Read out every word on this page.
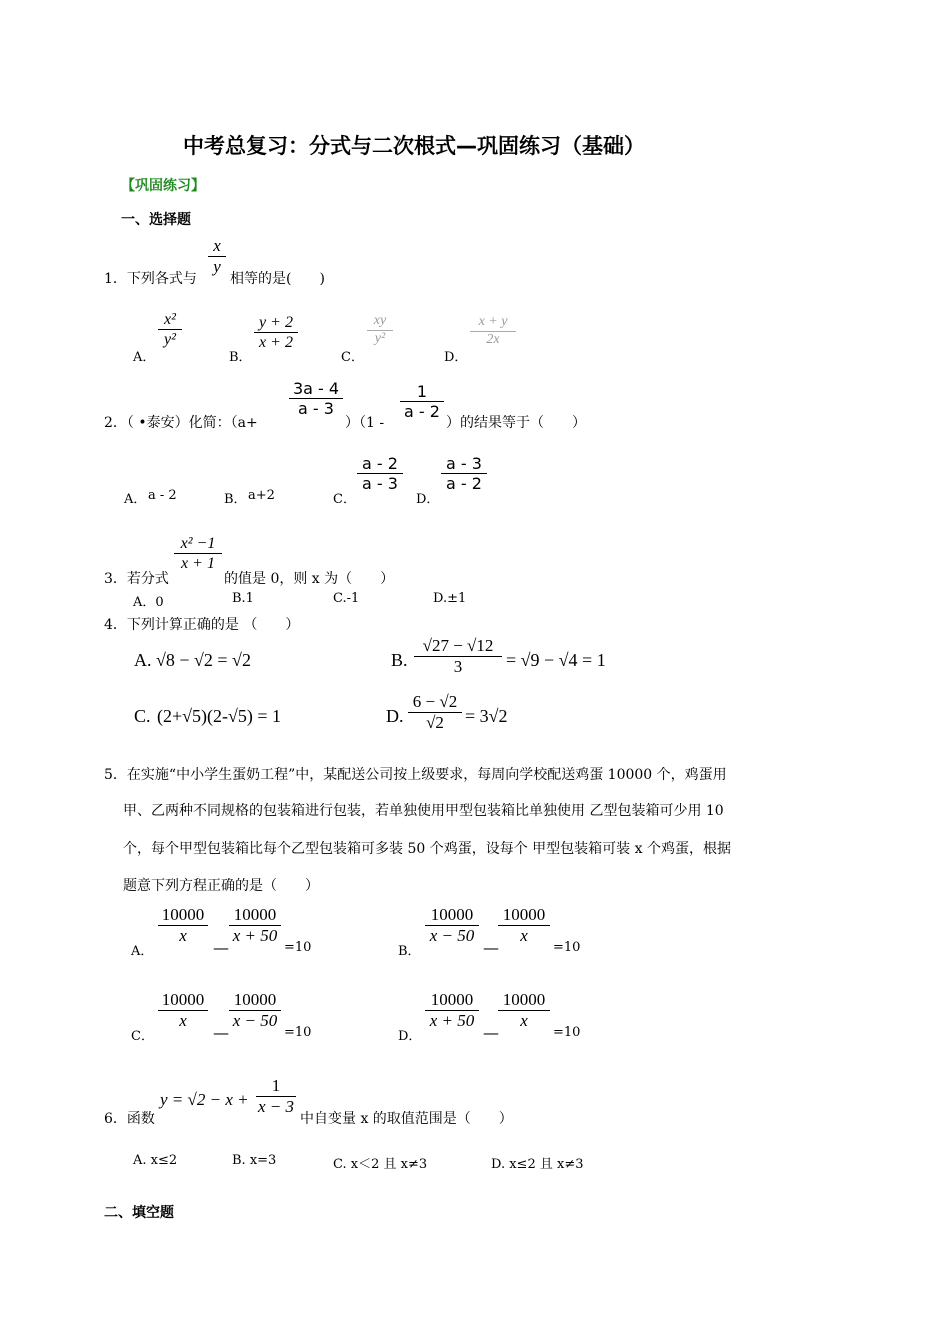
中考总复习：分式与二次根式—巩固练习（基础）
【巩固练习】
一、选择题
1．下列各式与
x
y
相等的是(　　)
A．
x²
y²
B．
y + 2
x + 2
C．
xy
y²
D．
x + y
2x
2．（ •泰安）化简：（a+
3a - 4
a - 3
）（1 -
1
a - 2
）的结果等于（　　）
A． a - 2	B． a+2	C．
a - 2
a - 3
D．
a - 3
a - 2
3．若分式
x² −1
x + 1
的值是 0，则 x 为（　　）
A．0	B.1	C.-1	D.±1
4．下列计算正确的是 （　　）
A. √8 − √2 = √2	B.
√27 − √12
3	= √9 − √4 = 1
C. (2+√5)(2-√5) = 1	D.
6 − √2
√2	= 3√2
5．在实施“中小学生蛋奶工程”中，某配送公司按上级要求，每周向学校配送鸡蛋 10000 个，鸡蛋用
甲、乙两种不同规格的包装箱进行包装，若单独使用甲型包装箱比单独使用 乙型包装箱可少用 10
个，每个甲型包装箱比每个乙型包装箱可多装 50 个鸡蛋，设每个 甲型包装箱可装 x 个鸡蛋，根据
题意下列方程正确的是（　　）
A．
10000
x
—
10000
x + 50
=10	B．
10000
x − 50
—
10000
x
=10
C．
10000
x
—
10000
x − 50
=10	D．
10000
x + 50
—
10000
x
=10
6．函数
y = √2 − x +
1
x − 3
中自变量 x 的取值范围是（　　）
A. x≤2	B. x=3	C. x＜2 且 x≠3	D. x≤2 且 x≠3
二、填空题
